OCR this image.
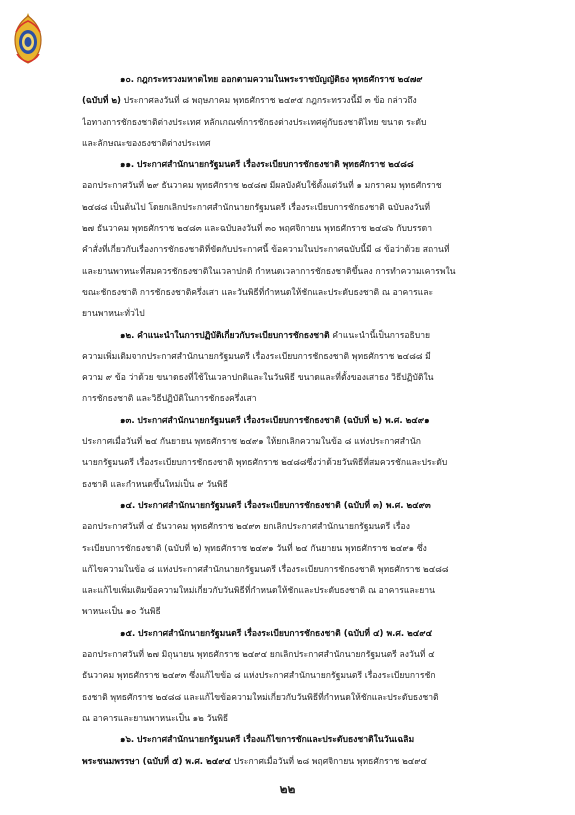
๑๐. กฎกระทรวงมหาดไทย ออกตามความในพระราชบัญญัติธง พุทธศักราช ๒๔๗๙
(ฉบับที่ ๒) ประกาศลงวันที่ ๘ พฤษภาคม พุทธศักราช ๒๔๙๕ กฎกระทรวงนี้มี ๓ ข้อ กล่าวถึง
ไอทางการชักธงชาติต่างประเทศ หลักเกณฑ์การชักธงต่างประเทศคู่กับธงชาติไทย ขนาด ระดับ
และลักษณะของธงชาติต่างประเทศ
๑๑. ประกาศสำนักนายกรัฐมนตรี เรื่องระเบียบการชักธงชาติ พุทธศักราช ๒๔๘๘
ออกประกาศวันที่ ๒๙ ธันวาคม พุทธศักราช ๒๔๘๗ มีผลบังคับใช้ตั้งแต่วันที่ ๑ มกราคม พุทธศักราช
๒๔๘๘ เป็นต้นไป โดยกเลิกประกาศสำนักนายกรัฐมนตรี เรื่องระเบียบการชักธงชาติ ฉบับลงวันที่
๒๗ ธันวาคม พุทธศักราช ๒๔๘๓ และฉบับลงวันที่ ๓๐ พฤศจิกายน พุทธศักราช ๒๔๘๖ กับบรรดา
คำสั่งที่เกี่ยวกับเรื่องการชักธงชาติที่ขัดกับประกาศนี้ ข้อความในประกาศฉบับนี้มี ๘ ข้อว่าด้วย สถานที่
และยานพาหนะที่สมควรชักธงชาติในเวลาปกติ กำหนดเวลาการชักธงชาติขึ้นลง การทำความเคารพใน
ขณะชักธงชาติ การชักธงชาติครึ่งเสา และวันพิธีที่กำหนดให้ชักและประดับธงชาติ ณ อาคารและ
ยานพาหนะทั่วไป
๑๒. คำแนะนำในการปฏิบัติเกี่ยวกับระเบียบการชักธงชาติ คำแนะนำนี้เป็นการอธิบาย
ความเพิ่มเติมจากประกาศสำนักนายกรัฐมนตรี เรื่องระเบียบการชักธงชาติ พุทธศักราช ๒๔๘๘ มี
ความ ๙ ข้อ ว่าด้วย ขนาดธงที่ใช้ในเวลาปกติและในวันพิธี ขนาดและที่ตั้งของเสาธง วิธีปฏิบัติใน
การชักธงชาติ และวิธีปฏิบัติในการชักธงครึ่งเสา
๑๓. ประกาศสำนักนายกรัฐมนตรี เรื่องระเบียบการชักธงชาติ (ฉบับที่ ๒) พ.ศ. ๒๔๙๑
ประกาศเมื่อวันที่ ๒๔ กันยายน พุทธศักราช ๒๔๙๑ ให้ยกเลิกความในข้อ ๘ แห่งประกาศสำนัก
นายกรัฐมนตรี เรื่องระเบียบการชักธงชาติ พุทธศักราช ๒๔๘๘ซึ่งว่าด้วยวันพิธีที่สมควรชักและประดับ
ธงชาติ และกำหนดขึ้นใหม่เป็น ๙ วันพิธี
๑๔. ประกาศสำนักนายกรัฐมนตรี เรื่องระเบียบการชักธงชาติ (ฉบับที่ ๓) พ.ศ. ๒๔๙๓
ออกประกาศวันที่ ๔ ธันวาคม พุทธศักราช ๒๔๙๓ ยกเลิกประกาศสำนักนายกรัฐมนตรี เรื่อง
ระเบียบการชักธงชาติ (ฉบับที่ ๒) พุทธศักราช ๒๔๙๑ วันที่ ๒๔ กันยายน พุทธศักราช ๒๔๙๑ ซึ่ง
แก้ไขความในข้อ ๘ แห่งประกาศสำนักนายกรัฐมนตรี เรื่องระเบียบการชักธงชาติ พุทธศักราช ๒๔๘๘
และแก้ไขเพิ่มเติมข้อความใหม่เกี่ยวกับวันพิธีที่กำหนดให้ชักและประดับธงชาติ ณ อาคารและยาน
พาหนะเป็น ๑๐ วันพิธี
๑๕. ประกาศสำนักนายกรัฐมนตรี เรื่องระเบียบการชักธงชาติ (ฉบับที่ ๔) พ.ศ. ๒๔๙๔
ออกประกาศวันที่ ๒๗ มิถุนายน พุทธศักราช ๒๔๙๔ ยกเลิกประกาศสำนักนายกรัฐมนตรี ลงวันที่ ๔
ธันวาคม พุทธศักราช ๒๔๙๓ ซึ่งแก้ไขข้อ ๘ แห่งประกาศสำนักนายกรัฐมนตรี เรื่องระเบียบการชัก
ธงชาติ พุทธศักราช ๒๔๘๘ และแก้ไขข้อความใหม่เกี่ยวกับวันพิธีที่กำหนดให้ชักและประดับธงชาติ
ณ อาคารและยานพาหนะเป็น ๑๒ วันพิธี
๑๖. ประกาศสำนักนายกรัฐมนตรี เรื่องแก้ไขการชักและประดับธงชาติในวันเฉลิม
พระชนมพรรษา (ฉบับที่ ๕) พ.ศ. ๒๔๙๔ ประกาศเมื่อวันที่ ๒๘ พฤศจิกายน พุทธศักราช ๒๔๙๔
๒๒
